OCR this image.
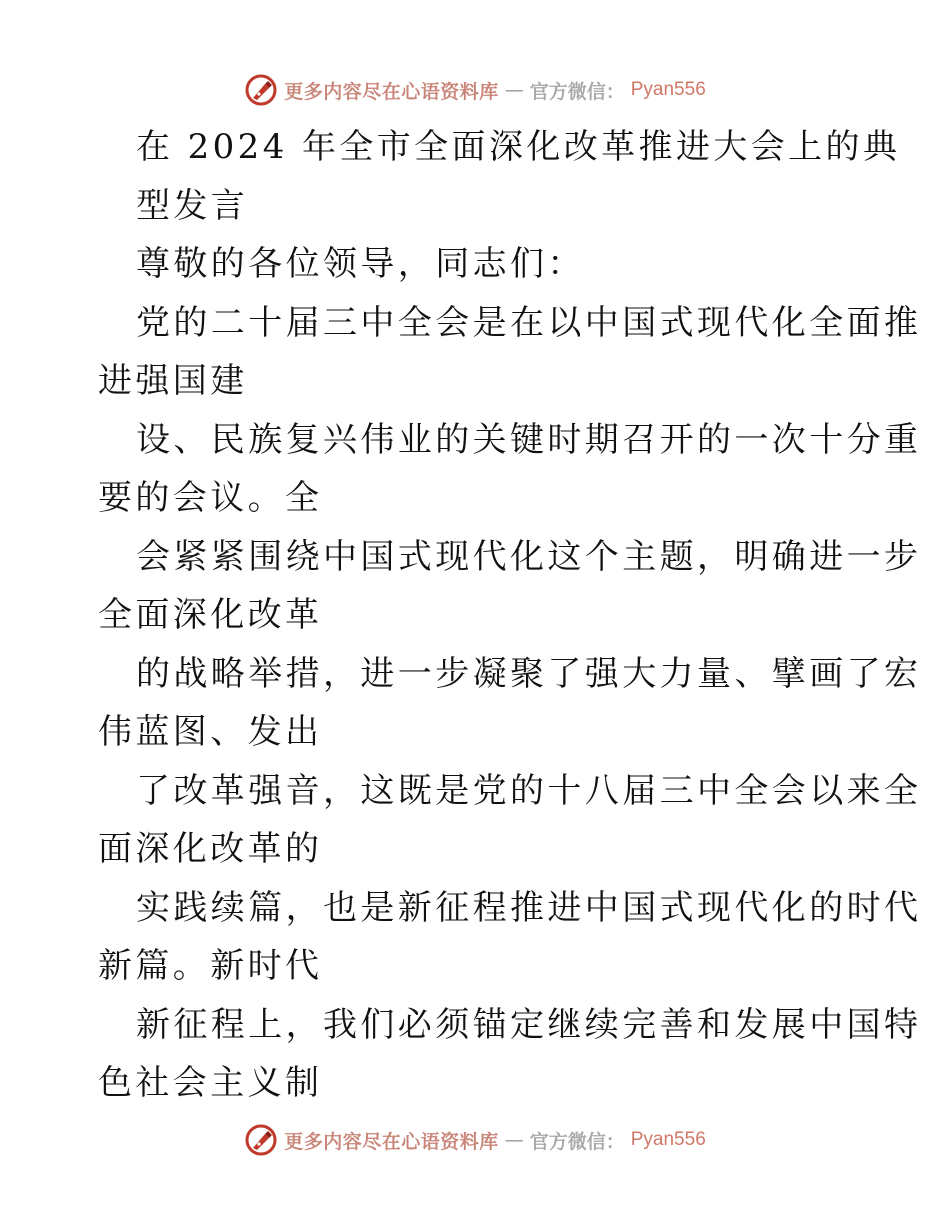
更多内容尽在心语资料库 — 官方微信： Pyan556
在 2024 年全市全面深化改革推进大会上的典
型发言
尊敬的各位领导，同志们：
党的二十届三中全会是在以中国式现代化全面推
进强国建
设、民族复兴伟业的关键时期召开的一次十分重
要的会议。全
会紧紧围绕中国式现代化这个主题，明确进一步
全面深化改革
的战略举措，进一步凝聚了强大力量、擘画了宏
伟蓝图、发出
了改革强音，这既是党的十八届三中全会以来全
面深化改革的
实践续篇，也是新征程推进中国式现代化的时代
新篇。新时代
新征程上，我们必须锚定继续完善和发展中国特
色社会主义制
更多内容尽在心语资料库 — 官方微信： Pyan556
